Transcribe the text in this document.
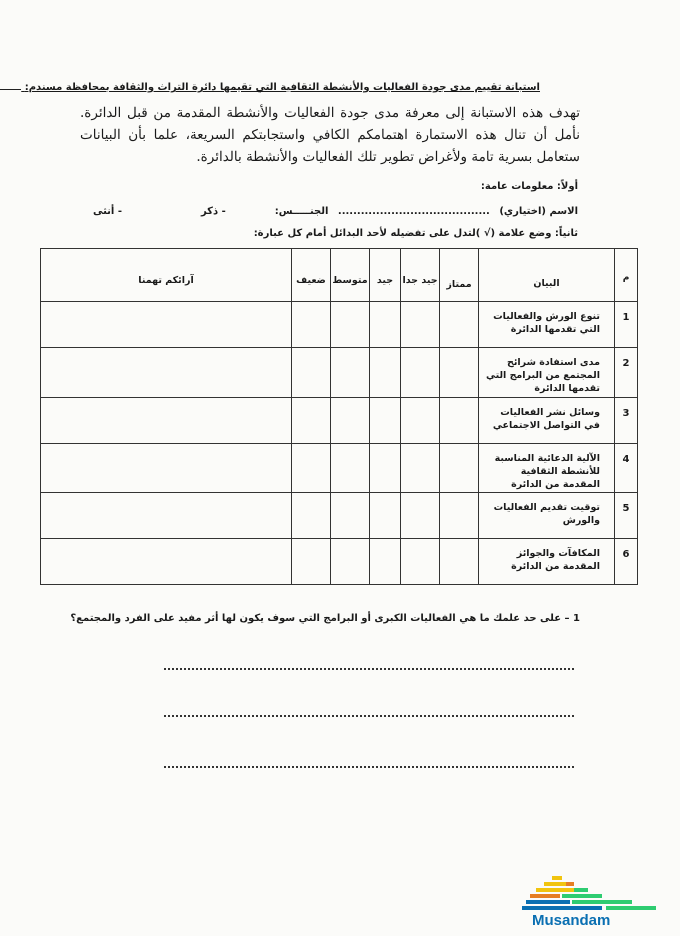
استبانة تقييم مدى جودة الفعاليات والأنشطة الثقافية التي تقيمها دائرة التراث والثقافة بمحافظة مسندم:
تهدف هذه الاستبانة إلى معرفة مدى جودة الفعاليات والأنشطة المقدمة من قبل الدائرة. نأمل أن تنال هذه الاستمارة اهتمامكم الكافي واستجابتكم السريعة، علما بأن البيانات ستعامل بسرية تامة ولأغراض تطوير تلك الفعاليات والأنشطة بالدائرة.
أولاً: معلومات عامة:
الاسم (اختياري) ........................................ الجنـــــس:  - ذكر  - أنثى
ثانياً: وضع علامة (√ )لتدل على تفضيله لأحد البدائل أمام كل عبارة:
م	البيان	ممتاز	جيد جدا	جيد	متوسط	ضعيف	آرائكم تهمنا

1	تنوع الورش والفعاليات التي تقدمها الدائرة						

2	مدى استفادة شرائح المجتمع من البرامج التي تقدمها الدائرة						

3	وسائل نشر الفعاليات في التواصل الاجتماعي						

4	الآلية الدعائية المناسبة للأنشطة الثقافية المقدمة من الدائرة						

5	توقيت تقديم الفعاليات والورش						

6	المكافآت والجوائز المقدمة من الدائرة						

1 – على حد علمك ما هي الفعاليات الكبرى أو البرامج التي سوف يكون لها أثر مفيد على الفرد والمجتمع؟
Musandam
